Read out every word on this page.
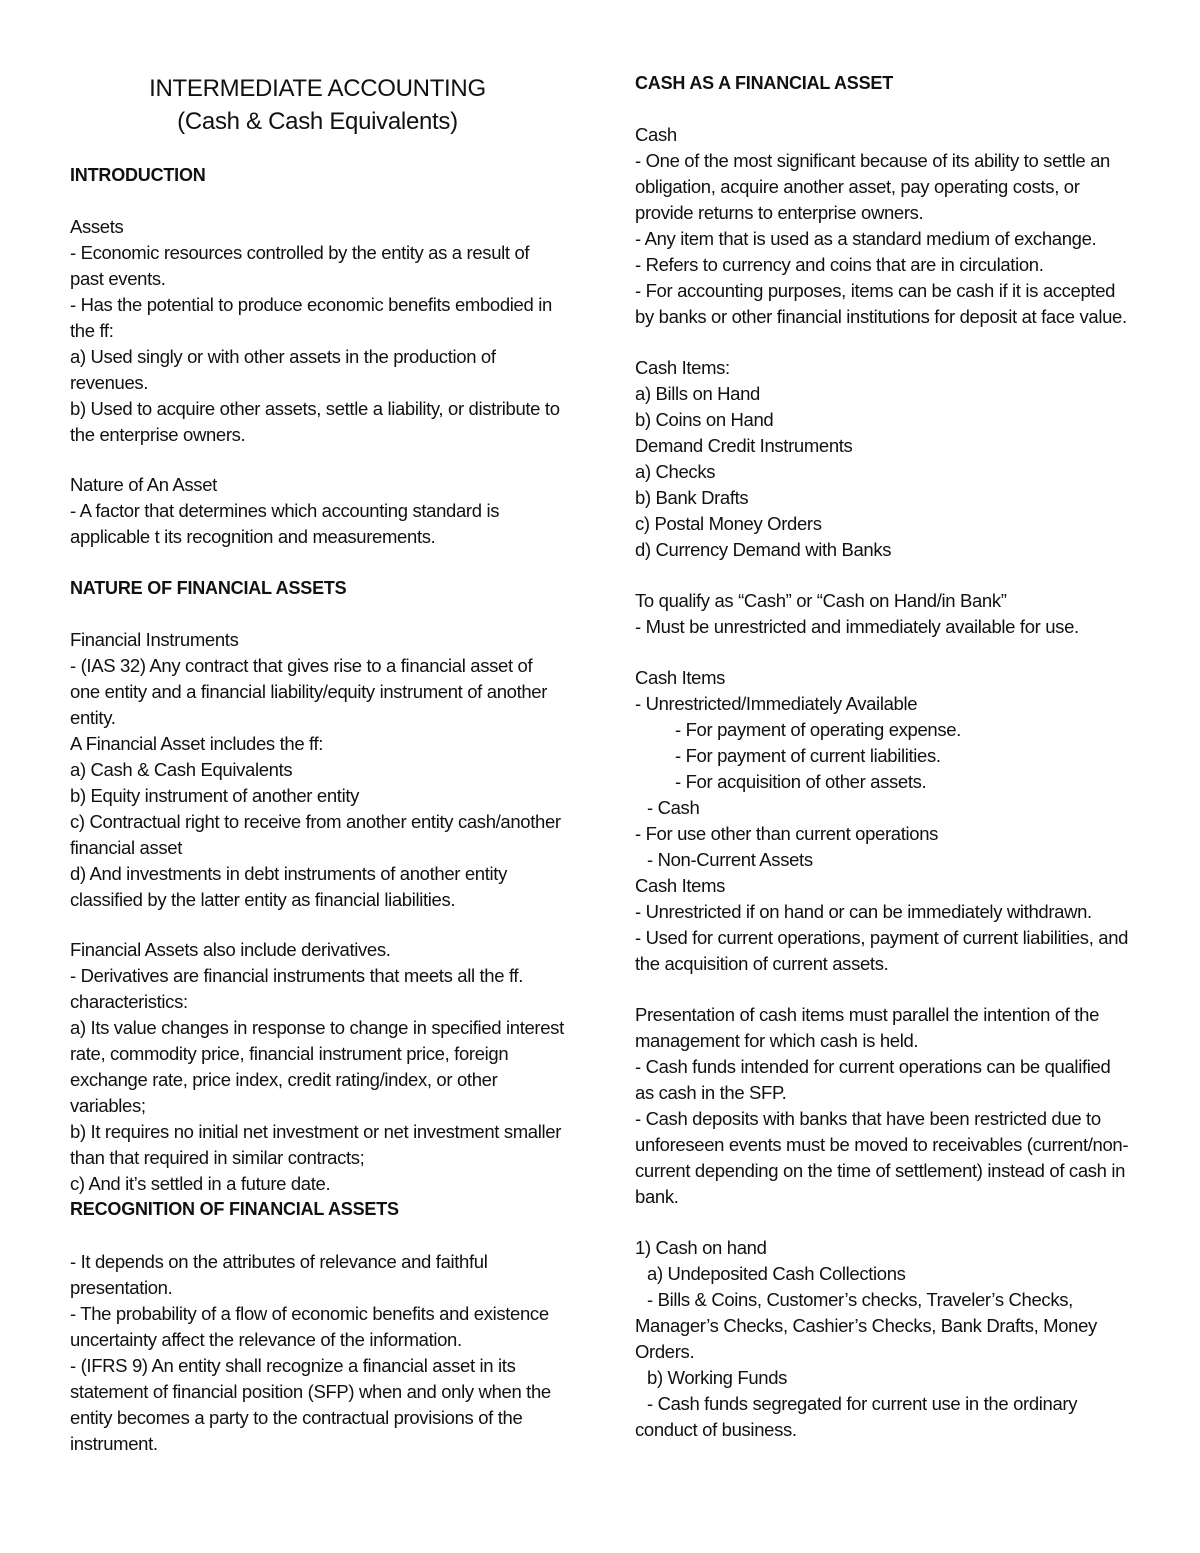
INTERMEDIATE ACCOUNTING
(Cash & Cash Equivalents)
INTRODUCTION
Assets
- Economic resources controlled by the entity as a result of
past events.
- Has the potential to produce economic benefits embodied in
the ff:
a) Used singly or with other assets in the production of
revenues.
b) Used to acquire other assets, settle a liability, or distribute to
the enterprise owners.
Nature of An Asset
- A factor that determines which accounting standard is
applicable t its recognition and measurements.
NATURE OF FINANCIAL ASSETS
Financial Instruments
- (IAS 32) Any contract that gives rise to a financial asset of
one entity and a financial liability/equity instrument of another
entity.
A Financial Asset includes the ff:
a) Cash & Cash Equivalents
b) Equity instrument of another entity
c) Contractual right to receive from another entity cash/another
financial asset
d) And investments in debt instruments of another entity
classified by the latter entity as financial liabilities.
Financial Assets also include derivatives.
- Derivatives are financial instruments that meets all the ff.
characteristics:
a) Its value changes in response to change in specified interest
rate, commodity price, financial instrument price, foreign
exchange rate, price index, credit rating/index, or other
variables;
b) It requires no initial net investment or net investment smaller
than that required in similar contracts;
c) And it’s settled in a future date.
RECOGNITION OF FINANCIAL ASSETS
- It depends on the attributes of relevance and faithful
presentation.
- The probability of a flow of economic benefits and existence
uncertainty affect the relevance of the information.
- (IFRS 9) An entity shall recognize a financial asset in its
statement of financial position (SFP) when and only when the
entity becomes a party to the contractual provisions of the
instrument.
CASH AS A FINANCIAL ASSET
Cash
- One of the most significant because of its ability to settle an
obligation, acquire another asset, pay operating costs, or
provide returns to enterprise owners.
- Any item that is used as a standard medium of exchange.
- Refers to currency and coins that are in circulation.
- For accounting purposes, items can be cash if it is accepted
by banks or other financial institutions for deposit at face value.
Cash Items:
a) Bills on Hand
b) Coins on Hand
Demand Credit Instruments
a) Checks
b) Bank Drafts
c) Postal Money Orders
d) Currency Demand with Banks
To qualify as “Cash” or “Cash on Hand/in Bank”
- Must be unrestricted and immediately available for use.
Cash Items
- Unrestricted/Immediately Available
- For payment of operating expense.
- For payment of current liabilities.
- For acquisition of other assets.
- Cash
- For use other than current operations
- Non-Current Assets
Cash Items
- Unrestricted if on hand or can be immediately withdrawn.
- Used for current operations, payment of current liabilities, and
the acquisition of current assets.
Presentation of cash items must parallel the intention of the
management for which cash is held.
- Cash funds intended for current operations can be qualified
as cash in the SFP.
- Cash deposits with banks that have been restricted due to
unforeseen events must be moved to receivables (current/non-
current depending on the time of settlement) instead of cash in
bank.
1) Cash on hand
a) Undeposited Cash Collections
- Bills & Coins, Customer’s checks, Traveler’s Checks,
Manager’s Checks, Cashier’s Checks, Bank Drafts, Money
Orders.
b) Working Funds
- Cash funds segregated for current use in the ordinary
conduct of business.
